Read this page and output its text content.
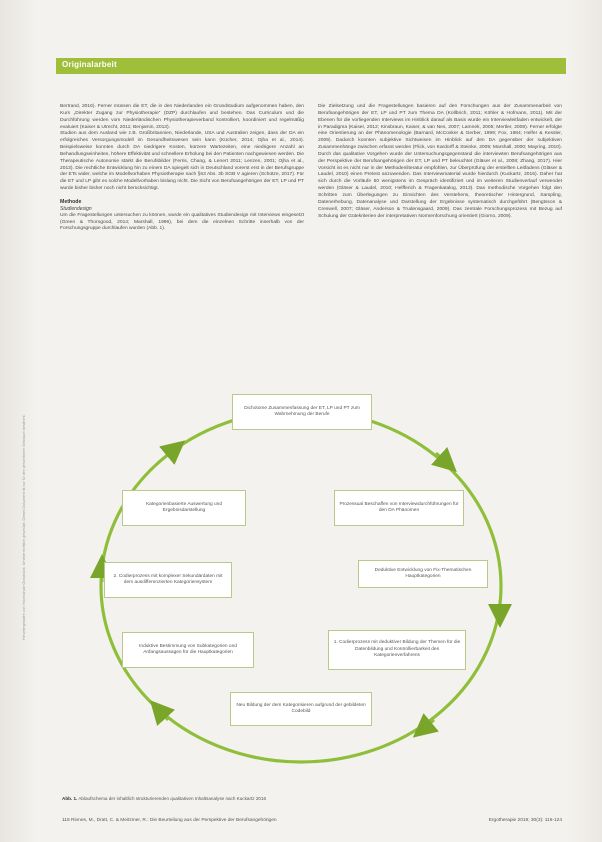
Originalarbeit
Heruntergeladen von: Hochschule Osnabrück. Urheberrechtlich geschützt. Dieses Dokument ist nur für den persönlichen Gebrauch bestimmt.

Bertrand, 2016). Ferner müssen die ET, die in den Niederlanden ein Grundstudium aufgenommen haben, den Kurs „Direkter Zugang zur Physiotherapie“ (DZP) durchlaufen und bestehen. Das Curriculum und die Durchführung werden vom Niederländischen Physiotherapieverband kontrolliert, koordiniert und regelmäßig evaluiert (Kaiser & Utrecht, 2011; Benjamin, 2013).

Studien aus dem Ausland wie z.B. Großbritannien, Niederlande, USA und Australien zeigen, dass der DA ein erfolgreiches Versorgungsmodell im Gesundheitswesen sein kann (Kücher, 2014; Ojha et al., 2014). Beispielsweise konnten durch DA niedrigere Kosten, kürzere Wartezeiten, eine niedrigere Anzahl an Behandlungseinheiten, höhere Effektivität und schnellere Erholung bei den Patienten nachgewiesen werden. Die Therapeutische Autonomie stärkt die Berufsbilder (Ferris, Chang, & Lenert 2011; Lenzen, 2001; Ojha et al., 2013). Die rechtliche Entwicklung hin zu einem DA spiegelt sich in Deutschland vorerst erst in der Berufsgruppe der ETs wider, welche im Modellvorhaben Physiotherapie nach §63 Abs. 3b SGB V agieren (Schütze, 2017). Für die ET und LP gibt es solche Modellvorhaben bislang nicht. Die Sicht von Berufsangehörigen der ET, LP und PT wurde bisher bisher noch nicht berücksichtigt.

Methode
Studiendesign

Um die Fragestellungen untersuchen zu können, wurde ein qualitatives Studiendesign mit Interviews eingesetzt (Green & Thorogood, 2014; Marshall, 1996), bei dem die einzelnen Schritte innerhalb von der Forschungsgruppe durchlaufen wurden (Abb. 1).

Die Zielsetzung und die Fragestellungen basieren auf den Forschungen aus der Zusammenarbeit von Berufsangehörigen der ET, LP und PT zum Thema DA (Kollbrich, 2011; Köhler & Hofmann, 2011). Mit der Ebenen für die vorliegenden Interviews im Hinblick darauf als Basis wurde ein Interviewleitfaden entwickelt, der in Paradigma (Kaiser, 2012; Kinsbraun, Kaiser, & van Nes, 2007; Lamnek, 2005; Mertler, 2008). Ferner erfolgte eine Orientierung an der Phänomenologie (Barnard, McCosker & Gerber, 1999; Fox, 1984; Helfer & Kessler, 2009). Dadurch konnten subjektive Sichtweisen im Hinblick auf den DA gegenüber der subjektiven Zusammenhänge zwischen erfasst werden (Flick, von Kardorff & Steinke, 2009; Marshall, 2000; Mayring, 2010). Durch das qualitative Vorgehen wurde der Untersuchungsgegenstand die interviewten Berufsangehörigen aus der Perspektive der Berufsangehörigen der ET, LP und PT beleuchtet (Gläser et al., 2008; Zhang, 2017). Hier Vorsicht ist es nicht nur in der Methodenliteratur empfohlen, zur Überprüfung der erstellten Leitfadens (Gläser & Laudel, 2010) einen Pretest anzuwenden. Das Interviewmaterial wurde hierdurch (Kuckartz, 2016). Daher hat sich durch die Vorläufe 50 wenigstens im Gespräch identifiziert und im weiteren Studienverlauf verwendet werden (Gläser & Laudel, 2010; Helfferich & Fragenkatalog, 2013). Das methodische Vorgehen folgt den Schritten zum Überlegungen zu Einsichten des Verstehens, theoretischer Hintergrund, Sampling, Datenerhebung, Datenanalyse und Darstellung der Ergebnisse systematisch durchgeführt (Bengtsson & Creswell, 2007; Gläser, Anderson & Trudensgaard, 2009). Das zentrale Forschungsprozess mit Bezug auf Schulung der Gütekriterien der interpretativen Normenforschung orientiert (Giorno, 2009).

Dichotome Zusammenfassung der ET, LP und PT zum Wahrnehmung der Berufe
Prozessual Beschaffen von Interviewdurchführungen für den DA Phänomen
Deduktive Entwicklung von Fix-Thematischen Hauptkategorien
1. Codierprozess mit deduktiver Bildung der Themen für die Datenbildung und Kontrollierbarkeit des Kategorienverfahrens
Neu Bildung der dem Kategorisieren aufgrund der gebildeten Codebild
Induktive Bestimmung von Subkategorien und Anfangsaussagen für die Hauptkategorien
2. Codierprozess mit komplexer Sekundärdaten mit dem ausdifferenzierten Kategoriensystem
Kategorienbasierte Auswertung und Ergebnisdarstellung
Abb. 1. Ablaufschema der inhaltlich strukturierenden qualitativen Inhaltsanalyse nach Kuckartz 2016
118 Rinnes, M., Dratt, C. & Meitzmer, R.: Die Beurteilung aus der Perspektive der Berufsangehörigen	Ergotherapie 2019; 30(3): 116-124
